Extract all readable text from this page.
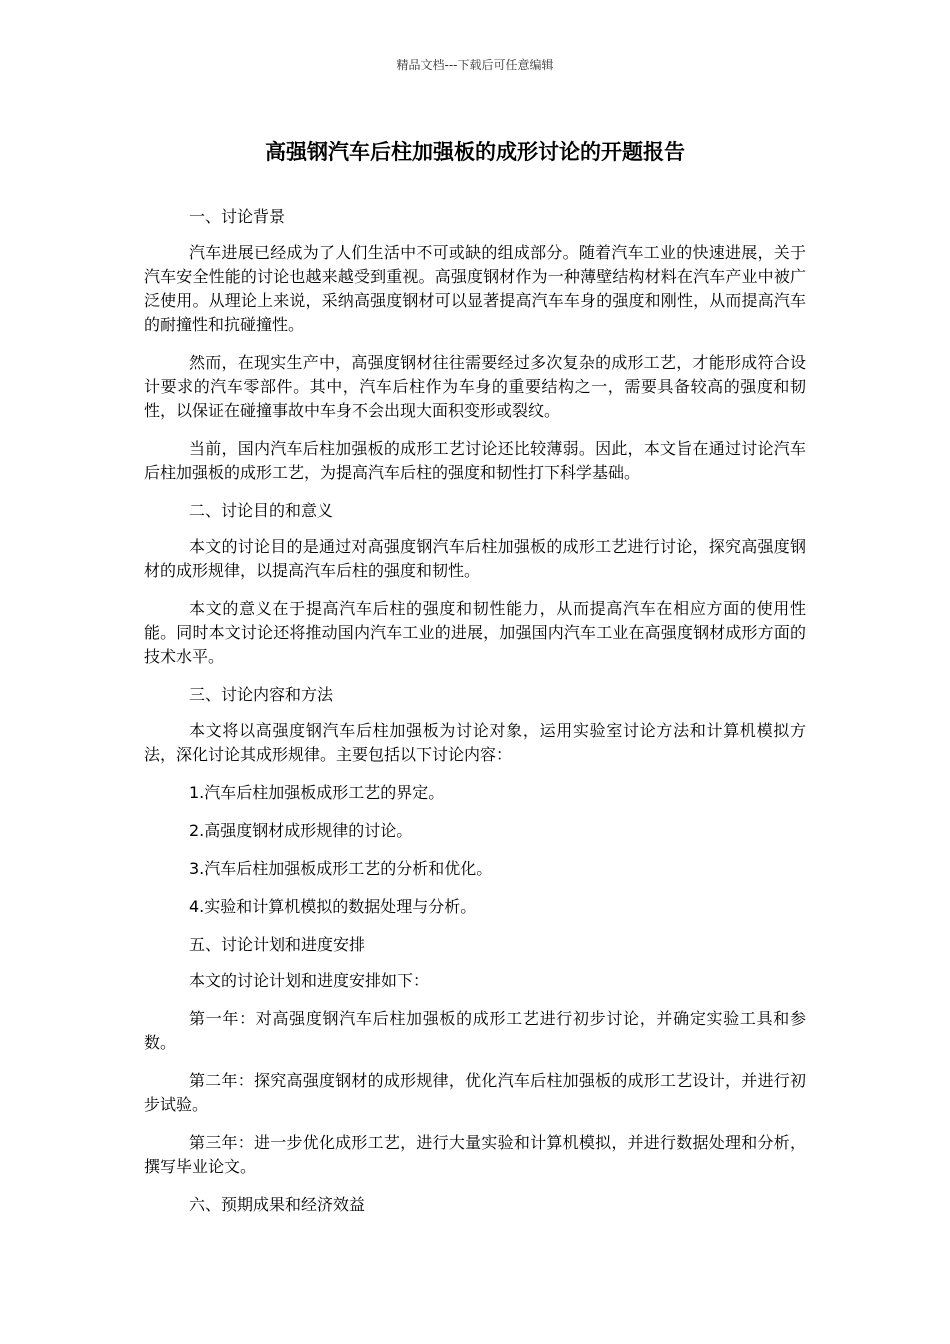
精品文档---下载后可任意编辑
高强钢汽车后柱加强板的成形讨论的开题报告

一、讨论背景

汽车进展已经成为了人们生活中不可或缺的组成部分。随着汽车工业的快速进展，关于汽车安全性能的讨论也越来越受到重视。高强度钢材作为一种薄壁结构材料在汽车产业中被广泛使用。从理论上来说，采纳高强度钢材可以显著提高汽车车身的强度和刚性，从而提高汽车的耐撞性和抗碰撞性。

然而，在现实生产中，高强度钢材往往需要经过多次复杂的成形工艺，才能形成符合设计要求的汽车零部件。其中，汽车后柱作为车身的重要结构之一，需要具备较高的强度和韧性，以保证在碰撞事故中车身不会出现大面积变形或裂纹。

当前，国内汽车后柱加强板的成形工艺讨论还比较薄弱。因此，本文旨在通过讨论汽车后柱加强板的成形工艺，为提高汽车后柱的强度和韧性打下科学基础。

二、讨论目的和意义

本文的讨论目的是通过对高强度钢汽车后柱加强板的成形工艺进行讨论，探究高强度钢材的成形规律，以提高汽车后柱的强度和韧性。

本文的意义在于提高汽车后柱的强度和韧性能力，从而提高汽车在相应方面的使用性能。同时本文讨论还将推动国内汽车工业的进展，加强国内汽车工业在高强度钢材成形方面的技术水平。

三、讨论内容和方法

本文将以高强度钢汽车后柱加强板为讨论对象，运用实验室讨论方法和计算机模拟方法，深化讨论其成形规律。主要包括以下讨论内容：

1.汽车后柱加强板成形工艺的界定。

2.高强度钢材成形规律的讨论。

3.汽车后柱加强板成形工艺的分析和优化。

4.实验和计算机模拟的数据处理与分析。

五、讨论计划和进度安排

本文的讨论计划和进度安排如下：

第一年：对高强度钢汽车后柱加强板的成形工艺进行初步讨论，并确定实验工具和参数。

第二年：探究高强度钢材的成形规律，优化汽车后柱加强板的成形工艺设计，并进行初步试验。

第三年：进一步优化成形工艺，进行大量实验和计算机模拟，并进行数据处理和分析，撰写毕业论文。

六、预期成果和经济效益
